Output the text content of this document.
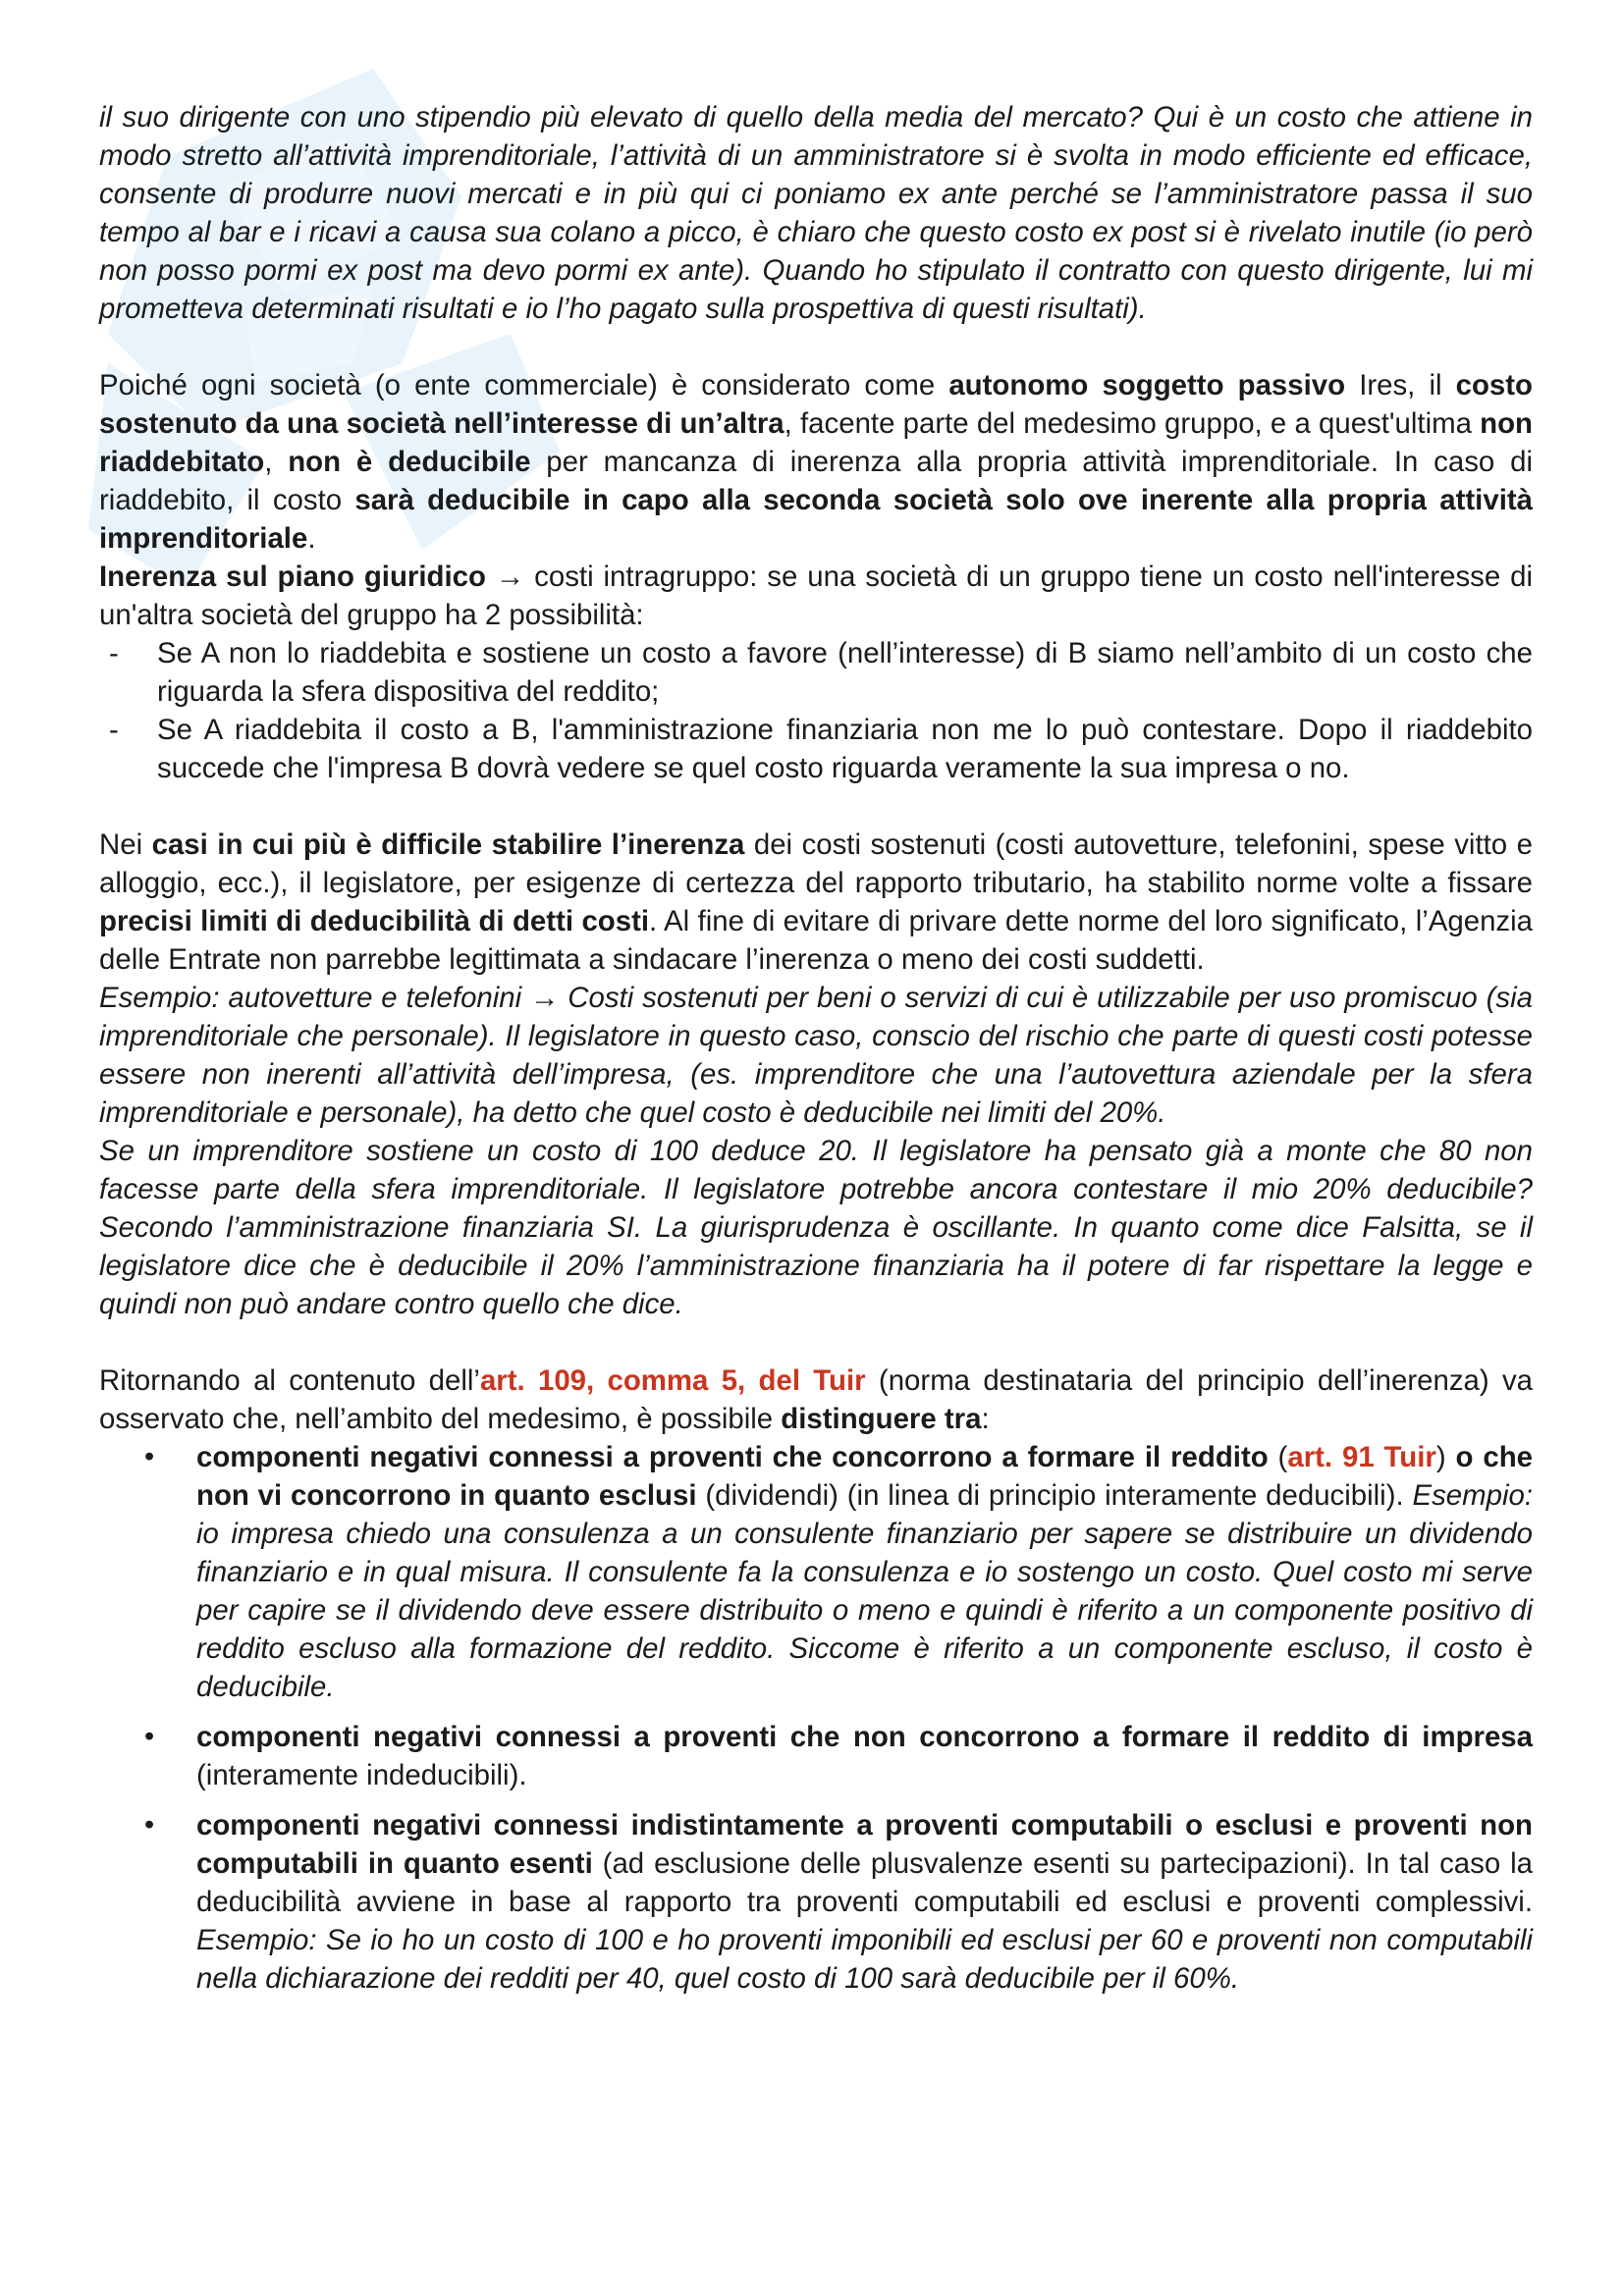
il suo dirigente con uno stipendio più elevato di quello della media del mercato? Qui è un costo che attiene in modo stretto all’attività imprenditoriale, l’attività di un amministratore si è svolta in modo efficiente ed efficace, consente di produrre nuovi mercati e in più qui ci poniamo ex ante perché se l’amministratore passa il suo tempo al bar e i ricavi a causa sua colano a picco, è chiaro che questo costo ex post si è rivelato inutile (io però non posso pormi ex post ma devo pormi ex ante). Quando ho stipulato il contratto con questo dirigente, lui mi prometteva determinati risultati e io l’ho pagato sulla prospettiva di questi risultati).

Poiché ogni società (o ente commerciale) è considerato come autonomo soggetto passivo Ires, il costo sostenuto da una società nell’interesse di un’altra, facente parte del medesimo gruppo, e a quest'ultima non riaddebitato, non è deducibile per mancanza di inerenza alla propria attività imprenditoriale. In caso di riaddebito, il costo sarà deducibile in capo alla seconda società solo ove inerente alla propria attività imprenditoriale.

Inerenza sul piano giuridico → costi intragruppo: se una società di un gruppo tiene un costo nell'interesse di un'altra società del gruppo ha 2 possibilità:

- Se A non lo riaddebita e sostiene un costo a favore (nell’interesse) di B siamo nell’ambito di un costo che riguarda la sfera dispositiva del reddito;
- Se A riaddebita il costo a B, l'amministrazione finanziaria non me lo può contestare. Dopo il riaddebito succede che l'impresa B dovrà vedere se quel costo riguarda veramente la sua impresa o no.

Nei casi in cui più è difficile stabilire l’inerenza dei costi sostenuti (costi autovetture, telefonini, spese vitto e alloggio, ecc.), il legislatore, per esigenze di certezza del rapporto tributario, ha stabilito norme volte a fissare precisi limiti di deducibilità di detti costi. Al fine di evitare di privare dette norme del loro significato, l’Agenzia delle Entrate non parrebbe legittimata a sindacare l’inerenza o meno dei costi suddetti.

Esempio: autovetture e telefonini → Costi sostenuti per beni o servizi di cui è utilizzabile per uso promiscuo (sia imprenditoriale che personale). Il legislatore in questo caso, conscio del rischio che parte di questi costi potesse essere non inerenti all’attività dell’impresa, (es. imprenditore che una l’autovettura aziendale per la sfera imprenditoriale e personale), ha detto che quel costo è deducibile nei limiti del 20%.

Se un imprenditore sostiene un costo di 100 deduce 20. Il legislatore ha pensato già a monte che 80 non facesse parte della sfera imprenditoriale. Il legislatore potrebbe ancora contestare il mio 20% deducibile? Secondo l’amministrazione finanziaria SI. La giurisprudenza è oscillante. In quanto come dice Falsitta, se il legislatore dice che è deducibile il 20% l’amministrazione finanziaria ha il potere di far rispettare la legge e quindi non può andare contro quello che dice.

Ritornando al contenuto dell’art. 109, comma 5, del Tuir (norma destinataria del principio dell’inerenza) va osservato che, nell’ambito del medesimo, è possibile distinguere tra:

• componenti negativi connessi a proventi che concorrono a formare il reddito (art. 91 Tuir) o che non vi concorrono in quanto esclusi (dividendi) (in linea di principio interamente deducibili). Esempio: io impresa chiedo una consulenza a un consulente finanziario per sapere se distribuire un dividendo finanziario e in qual misura. Il consulente fa la consulenza e io sostengo un costo. Quel costo mi serve per capire se il dividendo deve essere distribuito o meno e quindi è riferito a un componente positivo di reddito escluso alla formazione del reddito. Siccome è riferito a un componente escluso, il costo è deducibile.
• componenti negativi connessi a proventi che non concorrono a formare il reddito di impresa (interamente indeducibili).
• componenti negativi connessi indistintamente a proventi computabili o esclusi e proventi non computabili in quanto esenti (ad esclusione delle plusvalenze esenti su partecipazioni). In tal caso la deducibilità avviene in base al rapporto tra proventi computabili ed esclusi e proventi complessivi. Esempio: Se io ho un costo di 100 e ho proventi imponibili ed esclusi per 60 e proventi non computabili nella dichiarazione dei redditi per 40, quel costo di 100 sarà deducibile per il 60%.
